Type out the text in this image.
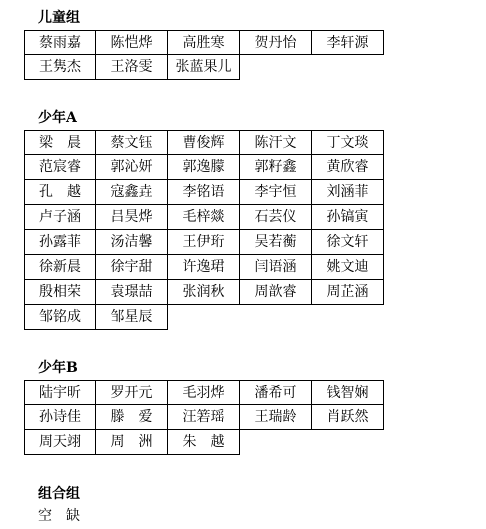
儿童组
蔡雨嘉	陈恺烨	高胜寒	贺丹怡	李轩源
王隽杰	王洛雯	张蓝果儿
少年A
梁　晨	蔡文钰	曹俊辉	陈汗文	丁文琰
范宸睿	郭沁妍	郭逸朦	郭籽鑫	黄欣睿
孔　越	寇鑫垚	李铭语	李宇恒	刘涵菲
卢子涵	吕昊烨	毛梓燚	石芸仪	孙镐寅
孙露菲	汤洁馨	王伊珩	吴若蘅	徐文轩
徐新晨	徐宇甜	许逸珺	闫语涵	姚文迪
殷相荣	袁璟喆	张润秋	周歆睿	周芷涵
邹铭成	邹星辰
少年B
陆宇昕	罗开元	毛羽烨	潘希可	钱智娴
孙诗佳	滕　爱	汪箬瑶	王瑞龄	肖跃然
周天翊	周　洲	朱　越
组合组
空　缺
